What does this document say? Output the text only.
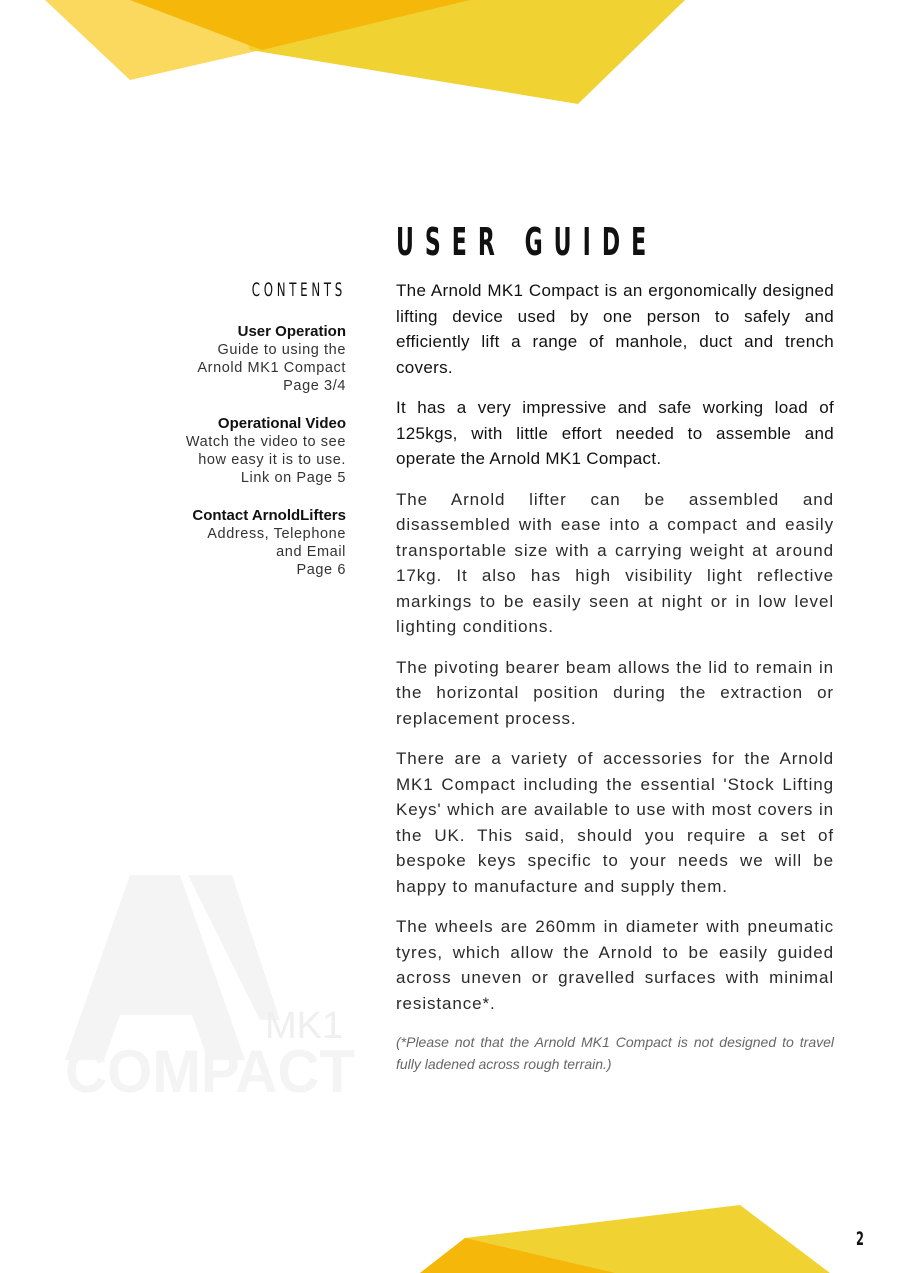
CONTENTS
User Operation
Guide to using the
Arnold MK1 Compact
Page 3/4
Operational Video
Watch the video to see
how easy it is to use.
Link on Page 5
Contact ArnoldLifters
Address, Telephone
and Email
Page 6
MK1
COMPACT
USER GUIDE

The Arnold MK1 Compact is an ergonomically designed lifting device used by one person to safely and efficiently lift a range of manhole, duct and trench covers.

It has a very impressive and safe working load of 125kgs, with little effort needed to assemble and operate the Arnold MK1 Compact.

The Arnold lifter can be assembled and disassembled with ease into a compact and easily transportable size with a carrying weight at around 17kg. It also has high visibility light reflective markings to be easily seen at night or in low level lighting conditions.

The pivoting bearer beam allows the lid to remain in the horizontal position during the extraction or replacement process.

There are a variety of accessories for the Arnold MK1 Compact including the essential 'Stock Lifting Keys' which are available to use with most covers in the UK. This said, should you require a set of bespoke keys specific to your needs we will be happy to manufacture and supply them.

The wheels are 260mm in diameter with pneumatic tyres, which allow the Arnold to be easily guided across uneven or gravelled surfaces with minimal resistance*.

(*Please not that the Arnold MK1 Compact is not designed to travel fully ladened across rough terrain.)

2
